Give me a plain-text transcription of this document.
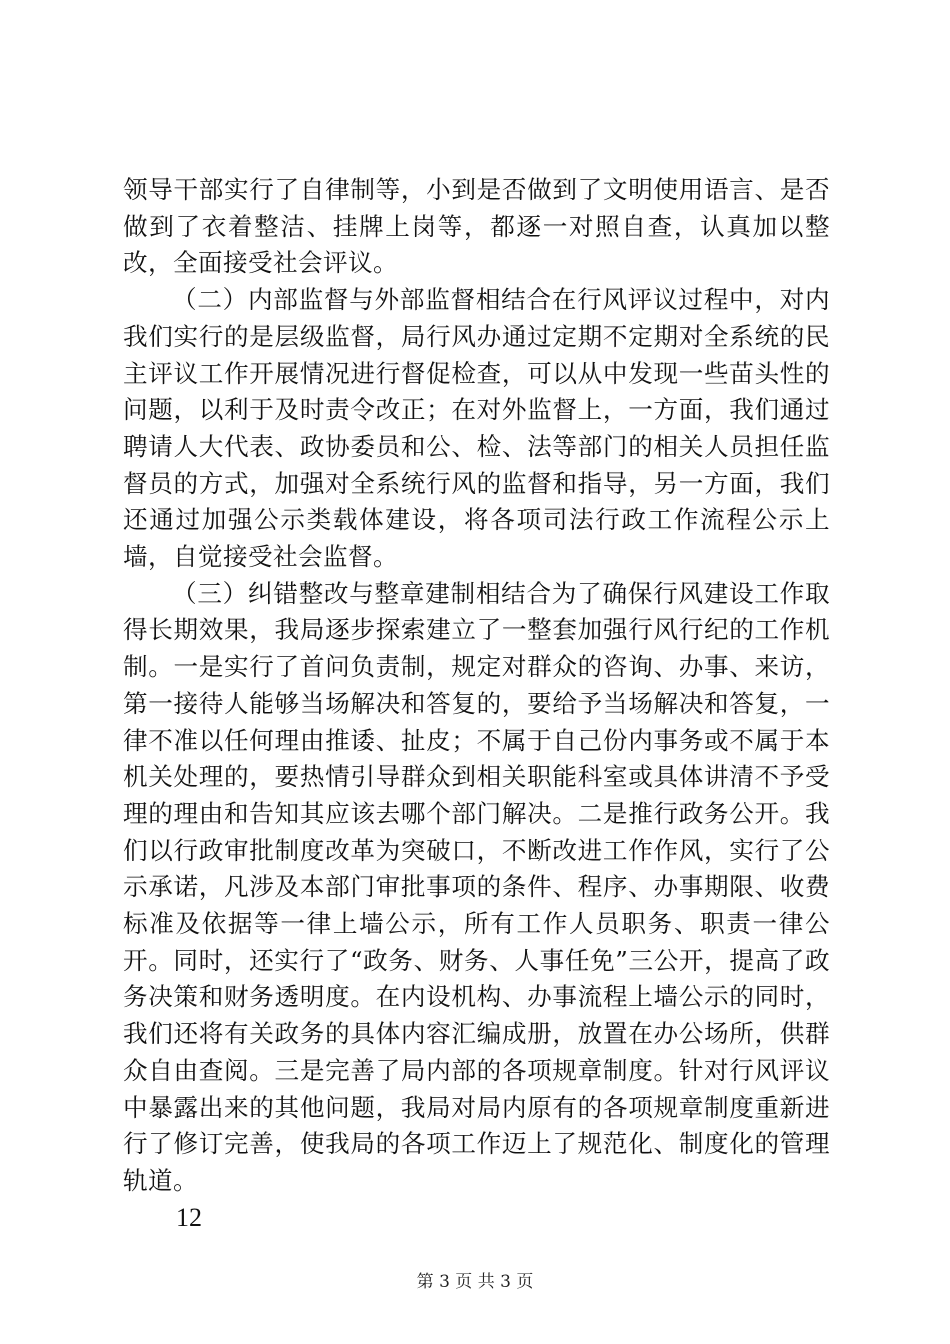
领导干部实行了自律制等，小到是否做到了文明使用语言、是否做到了衣着整洁、挂牌上岗等，都逐一对照自查，认真加以整改，全面接受社会评议。

（二）内部监督与外部监督相结合在行风评议过程中，对内我们实行的是层级监督，局行风办通过定期不定期对全系统的民主评议工作开展情况进行督促检查，可以从中发现一些苗头性的问题，以利于及时责令改正；在对外监督上，一方面，我们通过聘请人大代表、政协委员和公、检、法等部门的相关人员担任监督员的方式，加强对全系统行风的监督和指导，另一方面，我们还通过加强公示类载体建设，将各项司法行政工作流程公示上墙，自觉接受社会监督。

（三）纠错整改与整章建制相结合为了确保行风建设工作取得长期效果，我局逐步探索建立了一整套加强行风行纪的工作机制。一是实行了首问负责制，规定对群众的咨询、办事、来访，第一接待人能够当场解决和答复的，要给予当场解决和答复，一律不准以任何理由推诿、扯皮；不属于自己份内事务或不属于本机关处理的，要热情引导群众到相关职能科室或具体讲清不予受理的理由和告知其应该去哪个部门解决。二是推行政务公开。我们以行政审批制度改革为突破口，不断改进工作作风，实行了公示承诺，凡涉及本部门审批事项的条件、程序、办事期限、收费标准及依据等一律上墙公示，所有工作人员职务、职责一律公开。同时，还实行了“政务、财务、人事任免”三公开，提高了政务决策和财务透明度。在内设机构、办事流程上墙公示的同时，我们还将有关政务的具体内容汇编成册，放置在办公场所，供群众自由查阅。三是完善了局内部的各项规章制度。针对行风评议中暴露出来的其他问题，我局对局内原有的各项规章制度重新进行了修订完善，使我局的各项工作迈上了规范化、制度化的管理轨道。

12
第 3 页 共 3 页
